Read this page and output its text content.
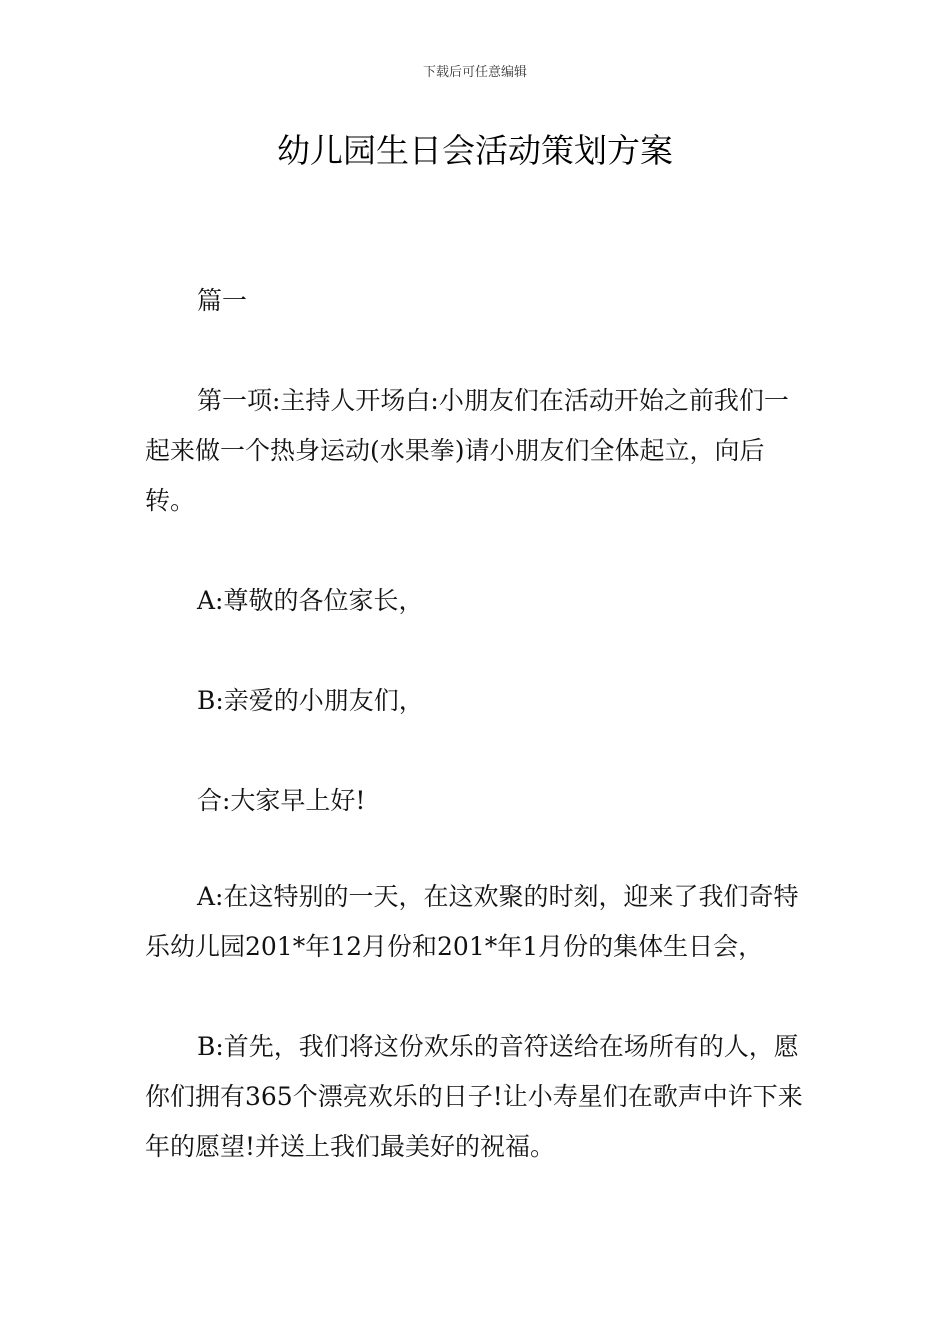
下载后可任意编辑
幼儿园生日会活动策划方案

篇一

第一项:主持人开场白:小朋友们在活动开始之前我们一起来做一个热身运动(水果拳)请小朋友们全体起立，向后转。

A:尊敬的各位家长，

B:亲爱的小朋友们，

合:大家早上好!

A:在这特别的一天，在这欢聚的时刻，迎来了我们奇特乐幼儿园201*年12月份和201*年1月份的集体生日会，

B:首先，我们将这份欢乐的音符送给在场所有的人，愿你们拥有365个漂亮欢乐的日子!让小寿星们在歌声中许下来年的愿望!并送上我们最美好的祝福。
